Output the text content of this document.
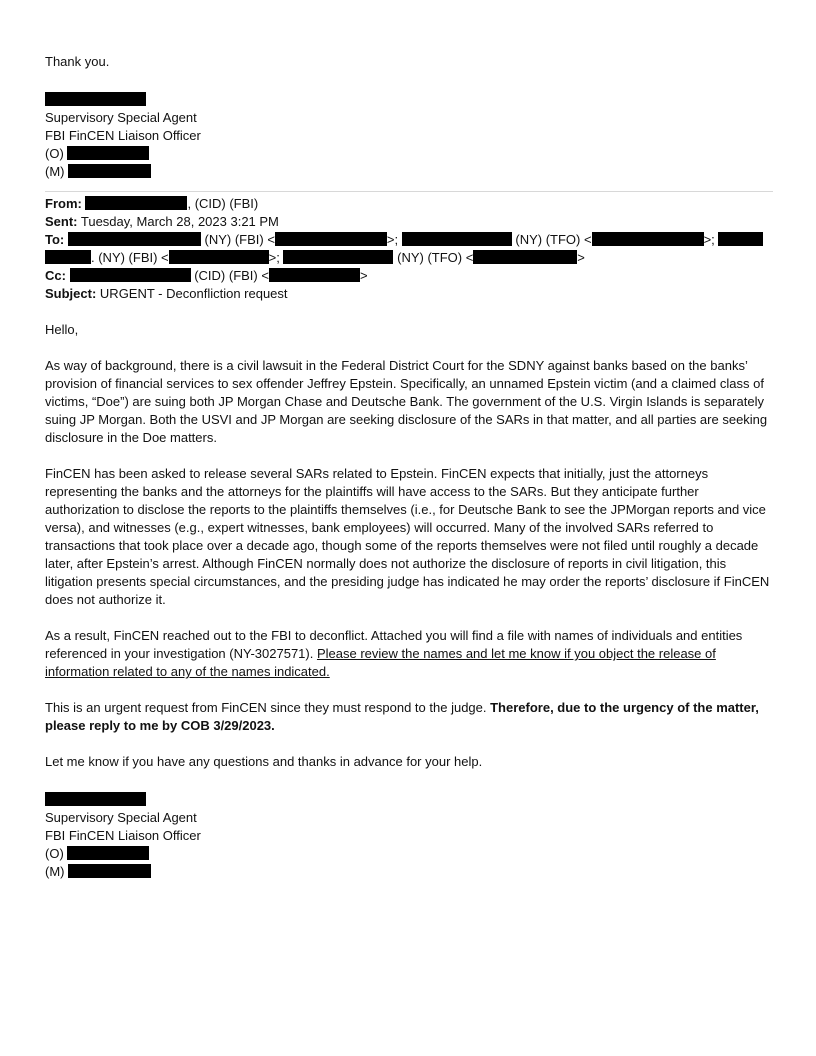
Thank you.

Supervisory Special Agent
FBI FinCEN Liaison Officer
(O)
(M)
From:	, (CID) (FBI)
Sent: Tuesday, March 28, 2023 3:21 PM
To:	(NY) (FBI) <	>;	(NY) (TFO) <	>;
. (NY) (FBI) <	>;	(NY) (TFO) <	>
Cc:	(CID) (FBI) <	>
Subject: URGENT - Deconfliction request

Hello,

As way of background, there is a civil lawsuit in the Federal District Court for the SDNY against banks based on the banks’ provision of financial services to sex offender Jeffrey Epstein. Specifically, an unnamed Epstein victim (and a claimed class of victims, “Doe”) are suing both JP Morgan Chase and Deutsche Bank. The government of the U.S. Virgin Islands is separately suing JP Morgan. Both the USVI and JP Morgan are seeking disclosure of the SARs in that matter, and all parties are seeking disclosure in the Doe matters.

FinCEN has been asked to release several SARs related to Epstein. FinCEN expects that initially, just the attorneys representing the banks and the attorneys for the plaintiffs will have access to the SARs. But they anticipate further authorization to disclose the reports to the plaintiffs themselves (i.e., for Deutsche Bank to see the JPMorgan reports and vice versa), and witnesses (e.g., expert witnesses, bank employees) will occurred. Many of the involved SARs referred to transactions that took place over a decade ago, though some of the reports themselves were not filed until roughly a decade later, after Epstein’s arrest. Although FinCEN normally does not authorize the disclosure of reports in civil litigation, this litigation presents special circumstances, and the presiding judge has indicated he may order the reports’ disclosure if FinCEN does not authorize it.

As a result, FinCEN reached out to the FBI to deconflict. Attached you will find a file with names of individuals and entities referenced in your investigation (NY-3027571). Please review the names and let me know if you object the release of information related to any of the names indicated.

This is an urgent request from FinCEN since they must respond to the judge. Therefore, due to the urgency of the matter, please reply to me by COB 3/29/2023.

Let me know if you have any questions and thanks in advance for your help.

Supervisory Special Agent
FBI FinCEN Liaison Officer
(O)
(M)
